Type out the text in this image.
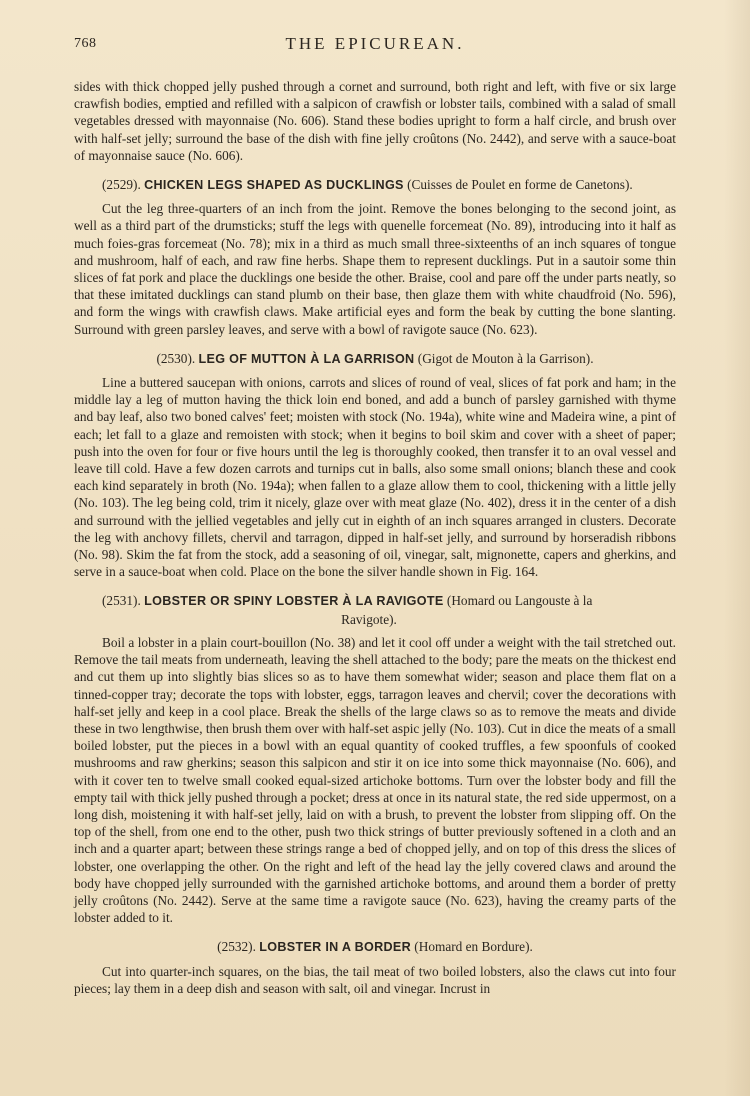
768	THE EPICUREAN.

sides with thick chopped jelly pushed through a cornet and surround, both right and left, with five or six large crawfish bodies, emptied and refilled with a salpicon of crawfish or lobster tails, combined with a salad of small vegetables dressed with mayonnaise (No. 606). Stand these bodies upright to form a half circle, and brush over with half-set jelly; surround the base of the dish with fine jelly croûtons (No. 2442), and serve with a sauce-boat of mayonnaise sauce (No. 606).

(2529). CHICKEN LEGS SHAPED AS DUCKLINGS (Cuisses de Poulet en forme de Canetons).

Cut the leg three-quarters of an inch from the joint. Remove the bones belonging to the second joint, as well as a third part of the drumsticks; stuff the legs with quenelle forcemeat (No. 89), introducing into it half as much foies-gras forcemeat (No. 78); mix in a third as much small three-sixteenths of an inch squares of tongue and mushroom, half of each, and raw fine herbs. Shape them to represent ducklings. Put in a sautoir some thin slices of fat pork and place the ducklings one beside the other. Braise, cool and pare off the under parts neatly, so that these imitated ducklings can stand plumb on their base, then glaze them with white chaudfroid (No. 596), and form the wings with crawfish claws. Make artificial eyes and form the beak by cutting the bone slanting. Surround with green parsley leaves, and serve with a bowl of ravigote sauce (No. 623).

(2530). LEG OF MUTTON À LA GARRISON (Gigot de Mouton à la Garrison).

Line a buttered saucepan with onions, carrots and slices of round of veal, slices of fat pork and ham; in the middle lay a leg of mutton having the thick loin end boned, and add a bunch of parsley garnished with thyme and bay leaf, also two boned calves' feet; moisten with stock (No. 194a), white wine and Madeira wine, a pint of each; let fall to a glaze and remoisten with stock; when it begins to boil skim and cover with a sheet of paper; push into the oven for four or five hours until the leg is thoroughly cooked, then transfer it to an oval vessel and leave till cold. Have a few dozen carrots and turnips cut in balls, also some small onions; blanch these and cook each kind separately in broth (No. 194a); when fallen to a glaze allow them to cool, thickening with a little jelly (No. 103). The leg being cold, trim it nicely, glaze over with meat glaze (No. 402), dress it in the center of a dish and surround with the jellied vegetables and jelly cut in eighth of an inch squares arranged in clusters. Decorate the leg with anchovy fillets, chervil and tarragon, dipped in half-set jelly, and surround by horseradish ribbons (No. 98). Skim the fat from the stock, add a seasoning of oil, vinegar, salt, mignonette, capers and gherkins, and serve in a sauce-boat when cold. Place on the bone the silver handle shown in Fig. 164.

(2531). LOBSTER OR SPINY LOBSTER À LA RAVIGOTE (Homard ou Langouste à la
Ravigote).

Boil a lobster in a plain court-bouillon (No. 38) and let it cool off under a weight with the tail stretched out. Remove the tail meats from underneath, leaving the shell attached to the body; pare the meats on the thickest end and cut them up into slightly bias slices so as to have them somewhat wider; season and place them flat on a tinned-copper tray; decorate the tops with lobster, eggs, tarragon leaves and chervil; cover the decorations with half-set jelly and keep in a cool place. Break the shells of the large claws so as to remove the meats and divide these in two lengthwise, then brush them over with half-set aspic jelly (No. 103). Cut in dice the meats of a small boiled lobster, put the pieces in a bowl with an equal quantity of cooked truffles, a few spoonfuls of cooked mushrooms and raw gherkins; season this salpicon and stir it on ice into some thick mayonnaise (No. 606), and with it cover ten to twelve small cooked equal-sized artichoke bottoms. Turn over the lobster body and fill the empty tail with thick jelly pushed through a pocket; dress at once in its natural state, the red side uppermost, on a long dish, moistening it with half-set jelly, laid on with a brush, to prevent the lobster from slipping off. On the top of the shell, from one end to the other, push two thick strings of butter previously softened in a cloth and an inch and a quarter apart; between these strings range a bed of chopped jelly, and on top of this dress the slices of lobster, one overlapping the other. On the right and left of the head lay the jelly covered claws and around the body have chopped jelly surrounded with the garnished artichoke bottoms, and around them a border of pretty jelly croûtons (No. 2442). Serve at the same time a ravigote sauce (No. 623), having the creamy parts of the lobster added to it.

(2532). LOBSTER IN A BORDER (Homard en Bordure).

Cut into quarter-inch squares, on the bias, the tail meat of two boiled lobsters, also the claws cut into four pieces; lay them in a deep dish and season with salt, oil and vinegar. Incrust in
